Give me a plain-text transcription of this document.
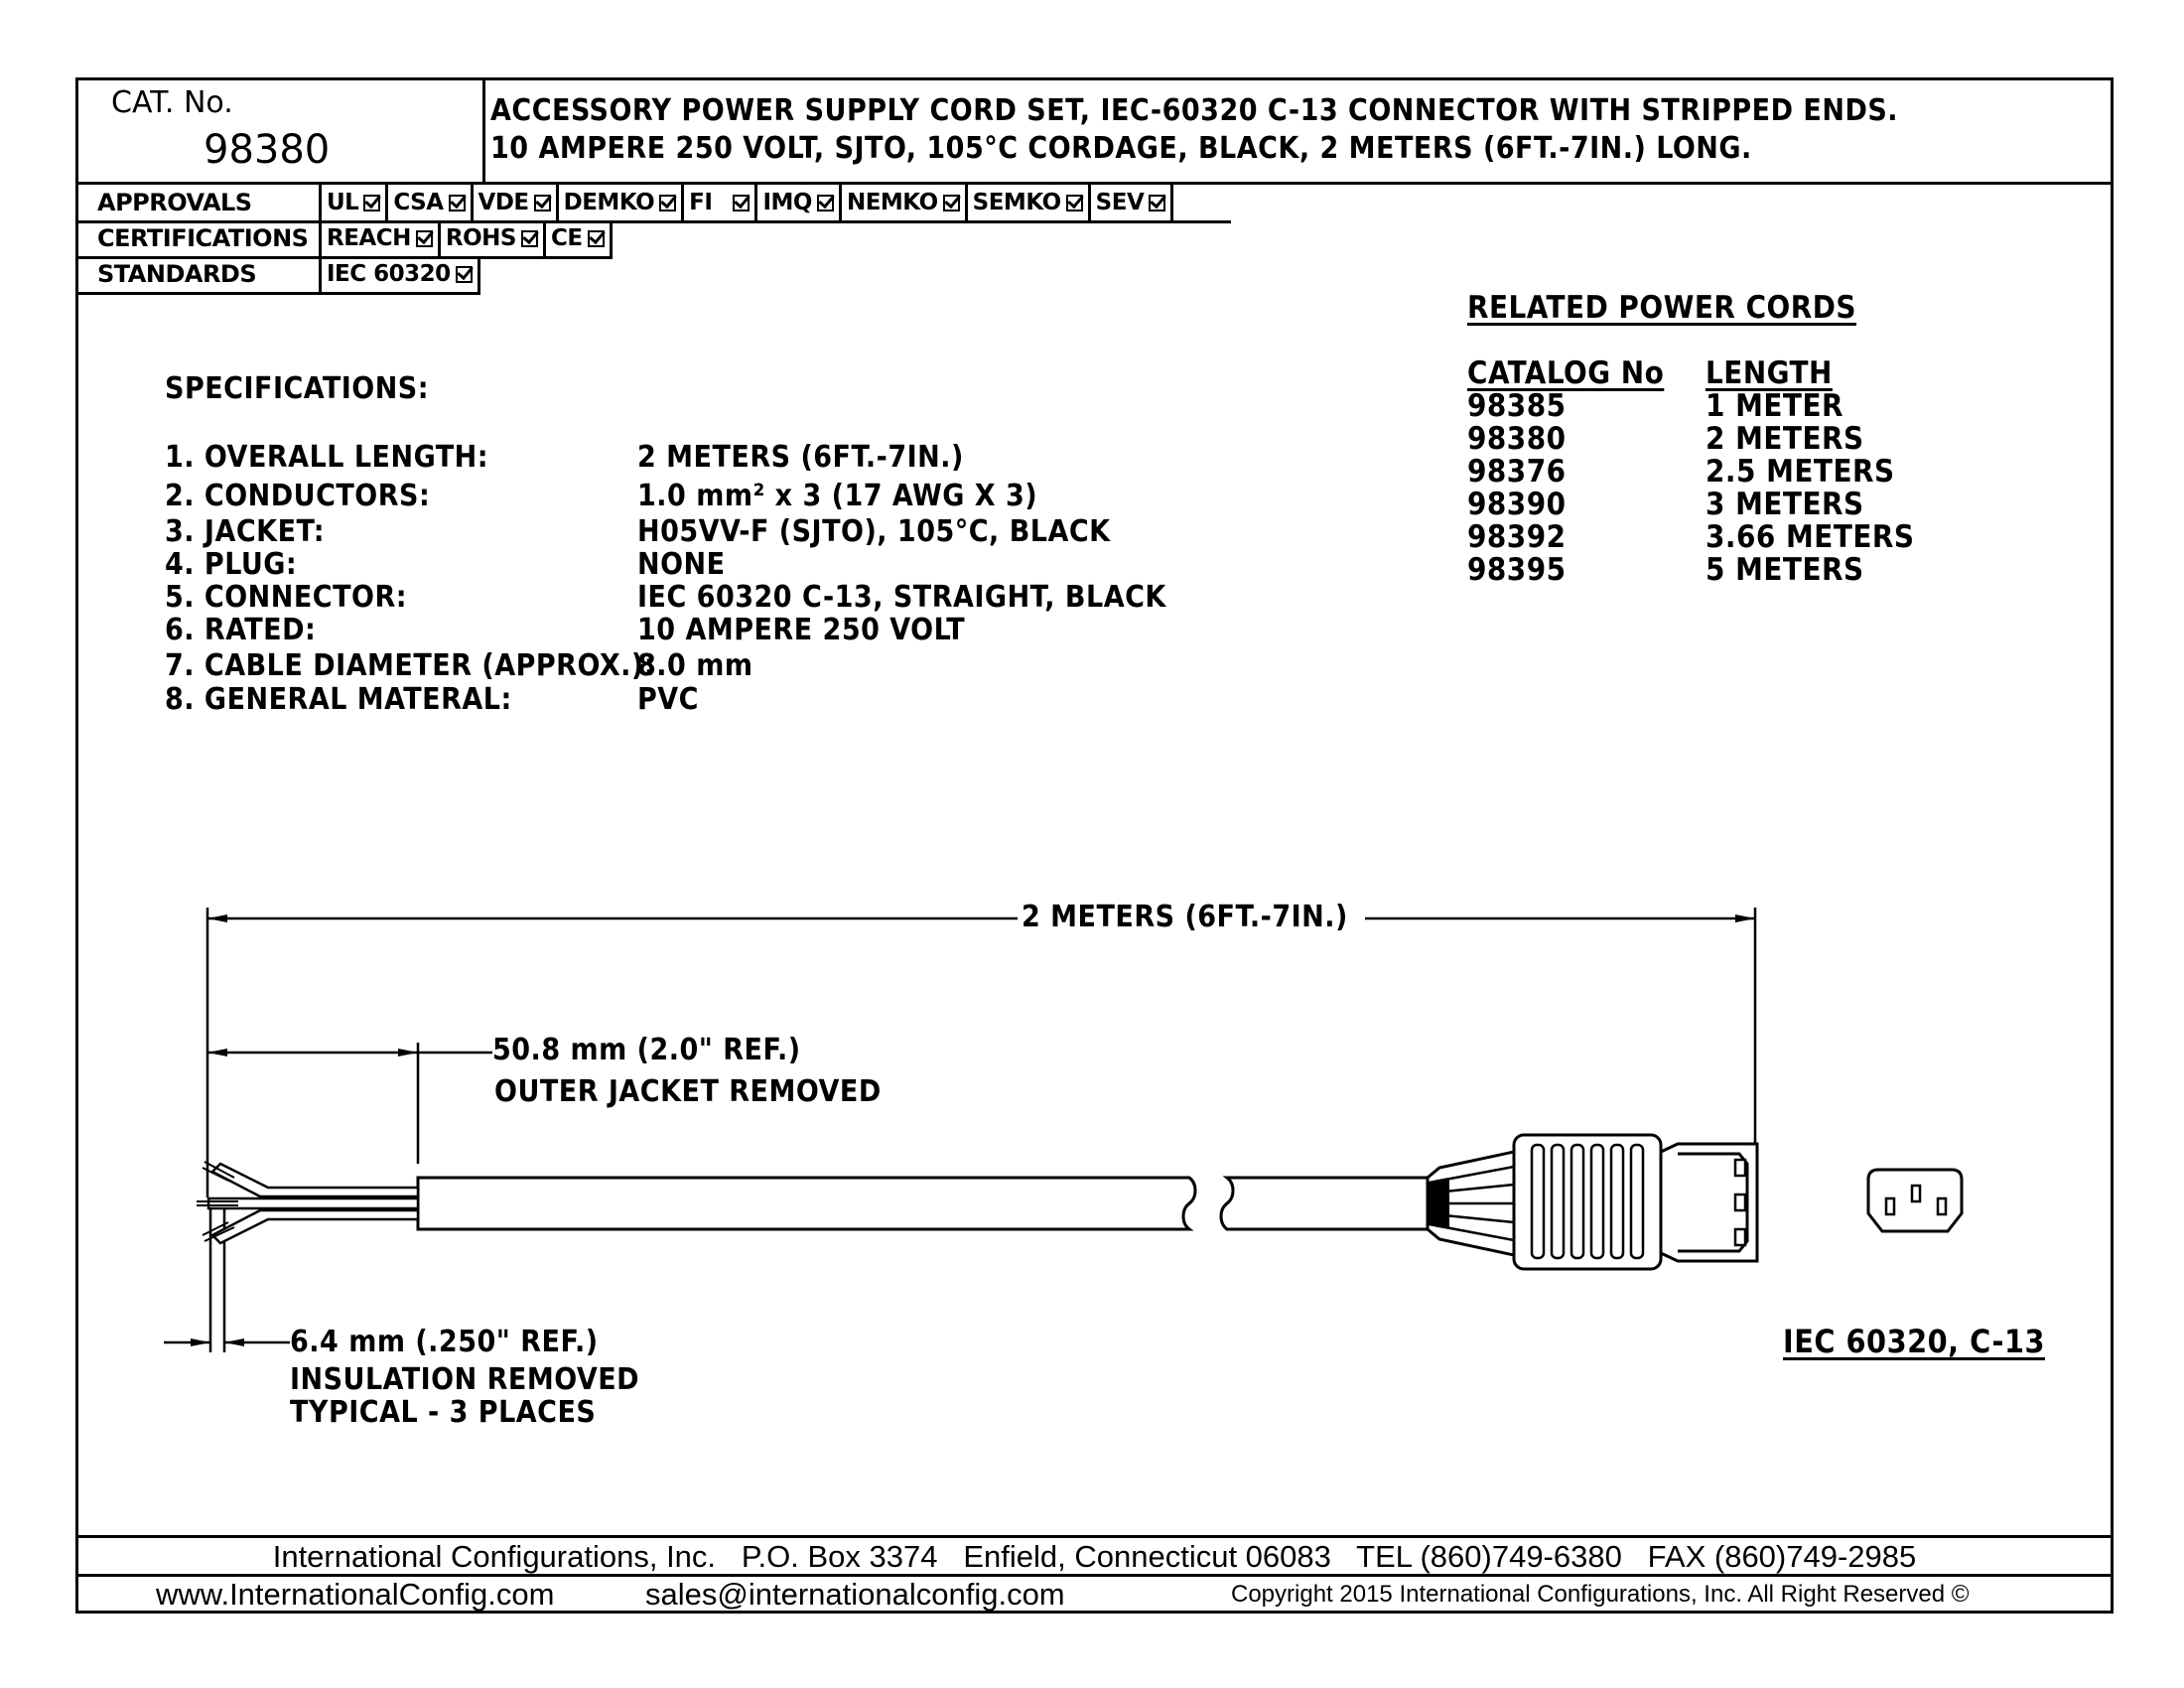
CAT. No.
98380
ACCESSORY POWER SUPPLY CORD SET, IEC-60320 C-13 CONNECTOR WITH STRIPPED ENDS.
10 AMPERE 250 VOLT, SJTO, 105°C CORDAGE, BLACK, 2 METERS (6FT.-7IN.) LONG.
APPROVALS	UL CSA VDE DEMKO FI	IMQ NEMKO SEMKO SEV
CERTIFICATIONS REACH ROHS CE
STANDARDS	IEC 60320
SPECIFICATIONS:
1. OVERALL LENGTH:	2 METERS (6FT.-7IN.)
2. CONDUCTORS:	1.0 mm² x 3 (17 AWG X 3)
3. JACKET:	H05VV-F (SJTO), 105°C, BLACK
4. PLUG:	NONE
5. CONNECTOR:	IEC 60320 C-13, STRAIGHT, BLACK
6. RATED:	10 AMPERE 250 VOLT
7. CABLE DIAMETER (APPROX.):
8.0 mm
8. GENERAL MATERAL:	PVC
RELATED POWER CORDS
CATALOG No LENGTH
98385	1 METER
98380	2 METERS
98376	2.5 METERS
98390	3 METERS
98392	3.66 METERS
98395	5 METERS
2 METERS (6FT.-7IN.)
50.8 mm (2.0" REF.)
OUTER JACKET REMOVED
6.4 mm (.250" REF.)
INSULATION REMOVED
TYPICAL - 3 PLACES
IEC 60320, C-13
International Configurations, Inc.   P.O. Box 3374   Enfield, Connecticut 06083   TEL (860)749-6380   FAX (860)749-2985
www.InternationalConfig.com	sales@internationalconfig.com	Copyright 2015 International Configurations, Inc. All Right Reserved ©
